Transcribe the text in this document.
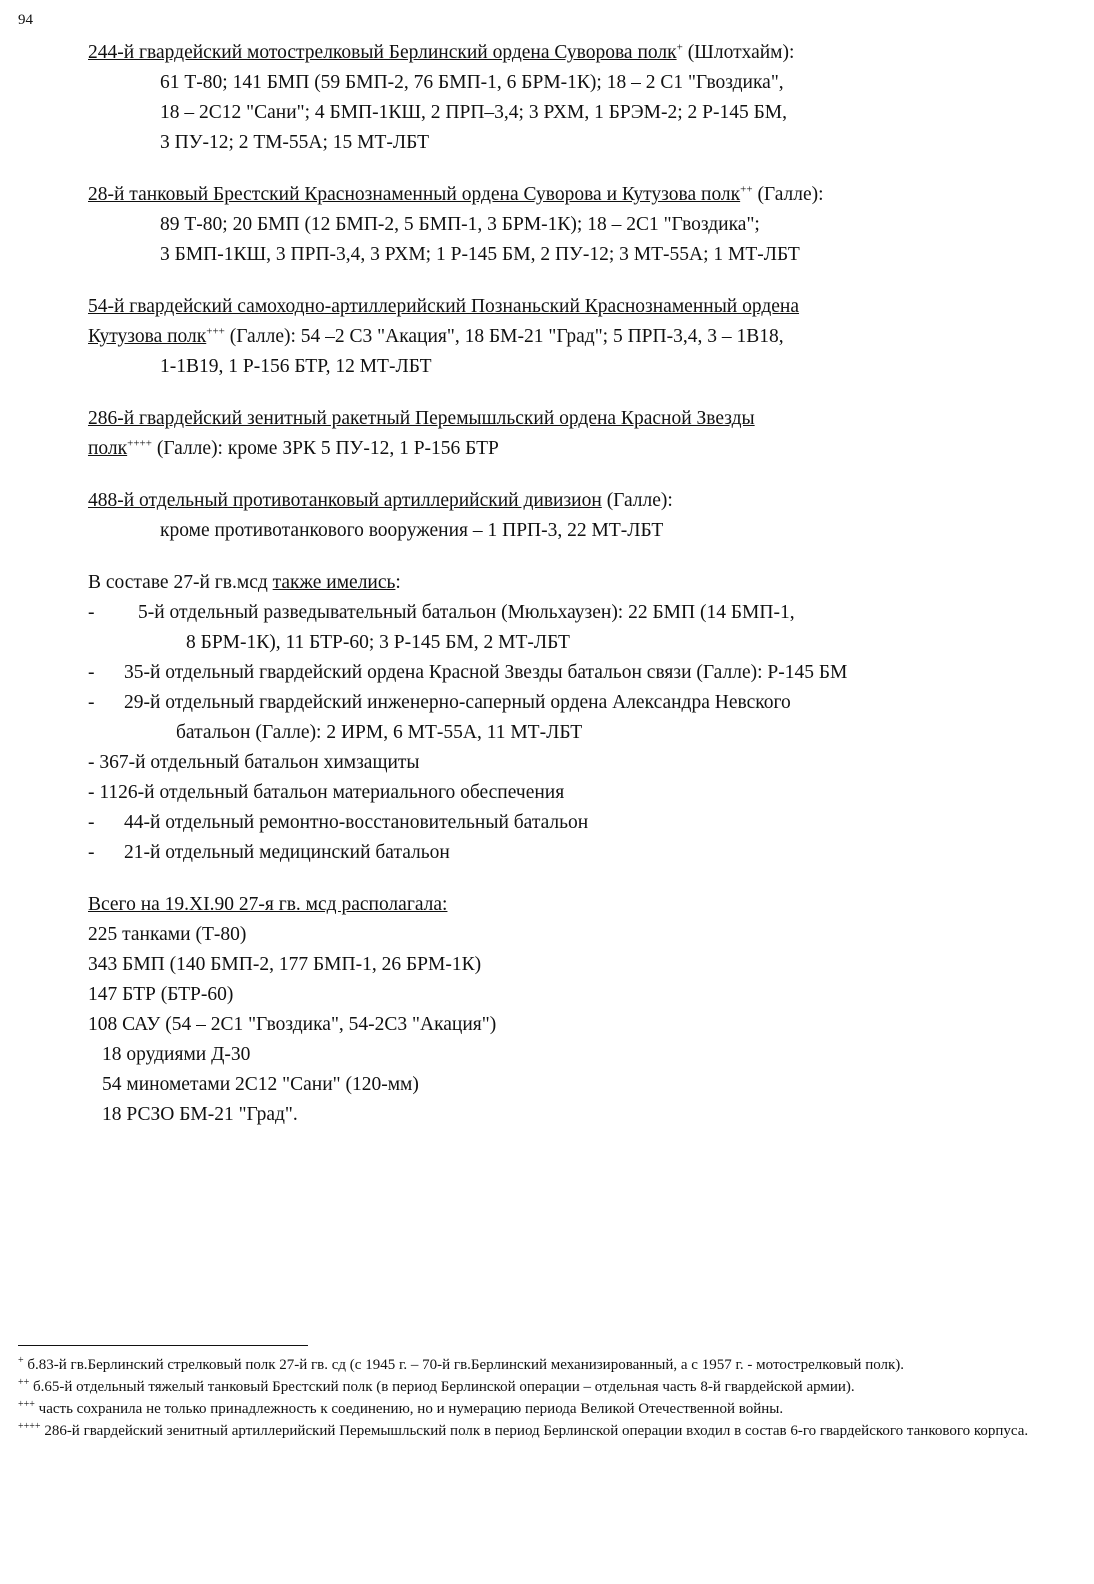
94
244-й гвардейский мотострелковый Берлинский ордена Суворова полк+ (Шлотхайм):
61 Т-80; 141 БМП (59 БМП-2, 76 БМП-1, 6 БРМ-1К); 18 – 2 С1 "Гвоздика",
18 – 2С12 "Сани"; 4 БМП-1КШ, 2 ПРП–3,4; 3 РХМ, 1 БРЭМ-2; 2 Р-145 БМ,
3 ПУ-12; 2 ТМ-55А; 15 МТ-ЛБТ
28-й танковый Брестский Краснознаменный ордена Суворова и Кутузова полк++ (Галле):
89 Т-80; 20 БМП (12 БМП-2, 5 БМП-1, 3 БРМ-1К); 18 – 2С1 "Гвоздика";
3 БМП-1КШ, 3 ПРП-3,4, 3 РХМ; 1 Р-145 БМ, 2 ПУ-12; 3 МТ-55А; 1 МТ-ЛБТ
54-й гвардейский самоходно-артиллерийский Познаньский Краснознаменный ордена
Кутузова полк+++ (Галле): 54 –2 С3 "Акация", 18 БМ-21 "Град"; 5 ПРП-3,4, 3 – 1В18,
1-1В19, 1 Р-156 БТР, 12 МТ-ЛБТ
286-й гвардейский зенитный ракетный Перемышльский ордена Красной Звезды
полк++++ (Галле): кроме ЗРК 5 ПУ-12, 1 Р-156 БТР
488-й отдельный противотанковый артиллерийский дивизион (Галле):
кроме противотанкового вооружения – 1 ПРП-3, 22 МТ-ЛБТ
В составе 27-й гв.мсд также имелись:
-	5-й отдельный разведывательный батальон (Мюльхаузен): 22 БМП (14 БМП-1,
8 БРМ-1К), 11 БТР-60; 3 Р-145 БМ, 2 МТ-ЛБТ
- 35-й отдельный гвардейский ордена Красной Звезды батальон связи (Галле): Р-145 БМ
- 29-й отдельный гвардейский инженерно-саперный ордена Александра Невского
батальон (Галле): 2 ИРМ, 6 МТ-55А, 11 МТ-ЛБТ
- 367-й отдельный батальон химзащиты
- 1126-й отдельный батальон материального обеспечения
- 44-й отдельный ремонтно-восстановительный батальон
- 21-й отдельный медицинский батальон
Всего на 19.XI.90 27-я гв. мсд располагала:
225 танками (Т-80)
343 БМП (140 БМП-2, 177 БМП-1, 26 БРМ-1К)
147 БТР (БТР-60)
108 САУ (54 – 2С1 "Гвоздика", 54-2С3 "Акация")
18 орудиями Д-30
54 минометами 2С12 "Сани" (120-мм)
18 РСЗО БМ-21 "Град".
+ б.83-й гв.Берлинский стрелковый полк 27-й гв. сд (с 1945 г. – 70-й гв.Берлинский механизированный, а с 1957 г. - мотострелковый полк).
++ б.65-й отдельный тяжелый танковый Брестский полк (в период Берлинской операции – отдельная часть 8-й гвардейской армии).
+++ часть сохранила не только принадлежность к соединению, но и нумерацию периода Великой Отечественной войны.
++++ 286-й гвардейский зенитный артиллерийский Перемышльский полк в период Берлинской операции входил в состав 6-го гвардейского танкового корпуса.
